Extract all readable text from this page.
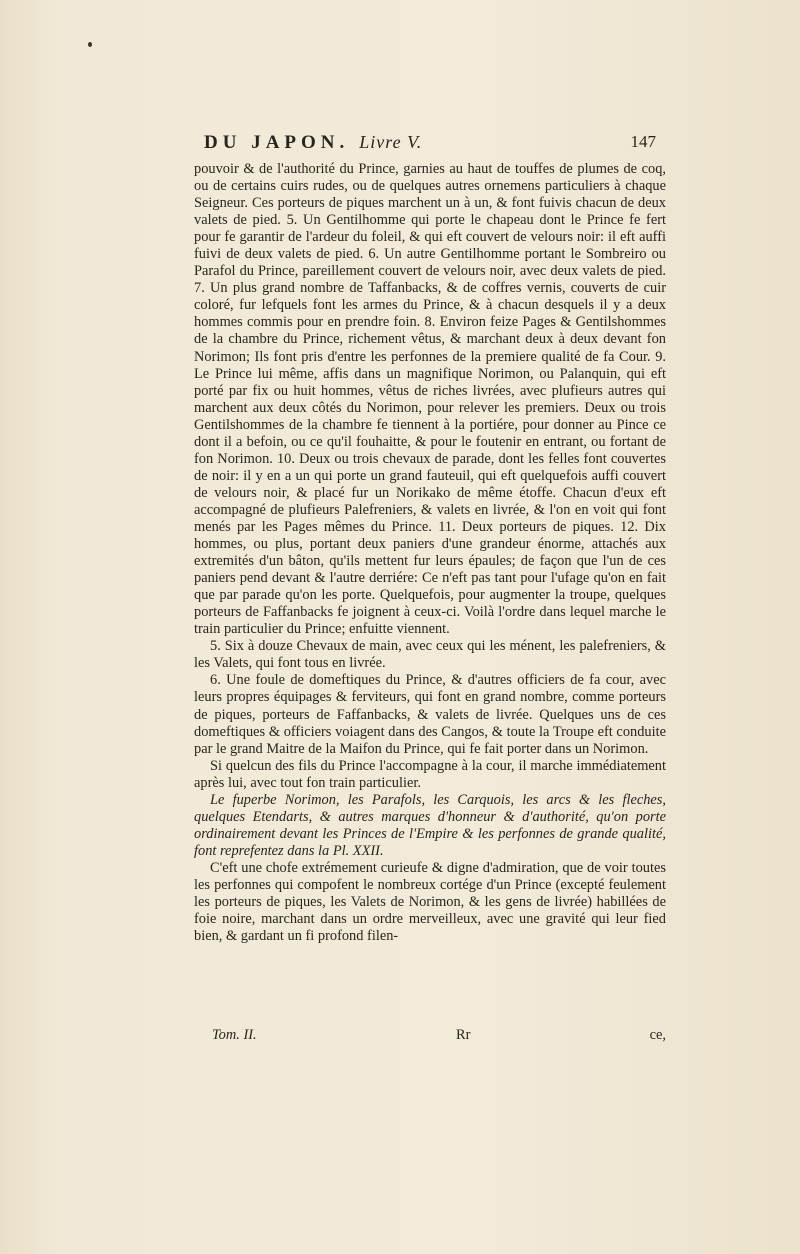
DU JAPON. Livre V.	147

pouvoir & de l'authorité du Prince, garnies au haut de touffes de plumes de coq, ou de certains cuirs rudes, ou de quelques autres ornemens particuliers à chaque Seigneur. Ces porteurs de piques marchent un à un, & font fuivis chacun de deux valets de pied. 5. Un Gentilhomme qui porte le chapeau dont le Prince fe fert pour fe garantir de l'ardeur du foleil, & qui eft couvert de velours noir: il eft auffi fuivi de deux valets de pied. 6. Un autre Gentilhomme portant le Sombreiro ou Parafol du Prince, pareillement couvert de velours noir, avec deux valets de pied. 7. Un plus grand nombre de Taffanbacks, & de coffres vernis, couverts de cuir coloré, fur lefquels font les armes du Prince, & à chacun desquels il y a deux hommes commis pour en prendre foin. 8. Environ feize Pages & Gentilshommes de la chambre du Prince, richement vêtus, & marchant deux à deux devant fon Norimon; Ils font pris d'entre les perfonnes de la premiere qualité de fa Cour. 9. Le Prince lui même, affis dans un magnifique Norimon, ou Palanquin, qui eft porté par fix ou huit hommes, vêtus de riches livrées, avec plufieurs autres qui marchent aux deux côtés du Norimon, pour relever les premiers. Deux ou trois Gentilshommes de la chambre fe tiennent à la portiére, pour donner au Pince ce dont il a befoin, ou ce qu'il fouhaitte, & pour le foutenir en entrant, ou fortant de fon Norimon. 10. Deux ou trois chevaux de parade, dont les felles font couvertes de noir: il y en a un qui porte un grand fauteuil, qui eft quelquefois auffi couvert de velours noir, & placé fur un Norikako de même étoffe. Chacun d'eux eft accompagné de plufieurs Palefreniers, & valets en livrée, & l'on en voit qui font menés par les Pages mêmes du Prince. 11. Deux porteurs de piques. 12. Dix hommes, ou plus, portant deux paniers d'une grandeur énorme, attachés aux extremités d'un bâton, qu'ils mettent fur leurs épaules; de façon que l'un de ces paniers pend devant & l'autre derriére: Ce n'eft pas tant pour l'ufage qu'on en fait que par parade qu'on les porte. Quelquefois, pour augmenter la troupe, quelques porteurs de Faffanbacks fe joignent à ceux-ci. Voilà l'ordre dans lequel marche le train particulier du Prince; enfuitte viennent.

5. Six à douze Chevaux de main, avec ceux qui les ménent, les palefreniers, & les Valets, qui font tous en livrée.

6. Une foule de domeftiques du Prince, & d'autres officiers de fa cour, avec leurs propres équipages & ferviteurs, qui font en grand nombre, comme porteurs de piques, porteurs de Faffanbacks, & valets de livrée. Quelques uns de ces domeftiques & officiers voiagent dans des Cangos, & toute la Troupe eft conduite par le grand Maitre de la Maifon du Prince, qui fe fait porter dans un Norimon.

Si quelcun des fils du Prince l'accompagne à la cour, il marche immédiatement après lui, avec tout fon train particulier.

Le fuperbe Norimon, les Parafols, les Carquois, les arcs & les fleches, quelques Etendarts, & autres marques d'honneur & d'authorité, qu'on porte ordinairement devant les Princes de l'Empire & les perfonnes de grande qualité, font reprefentez dans la Pl. XXII.

C'eft une chofe extrémement curieufe & digne d'admiration, que de voir toutes les perfonnes qui compofent le nombreux cortége d'un Prince (excepté feulement les porteurs de piques, les Valets de Norimon, & les gens de livrée) habillées de foie noire, marchant dans un ordre merveilleux, avec une gravité qui leur fied bien, & gardant un fi profond filen-

Tom. II.	Rr	ce,
